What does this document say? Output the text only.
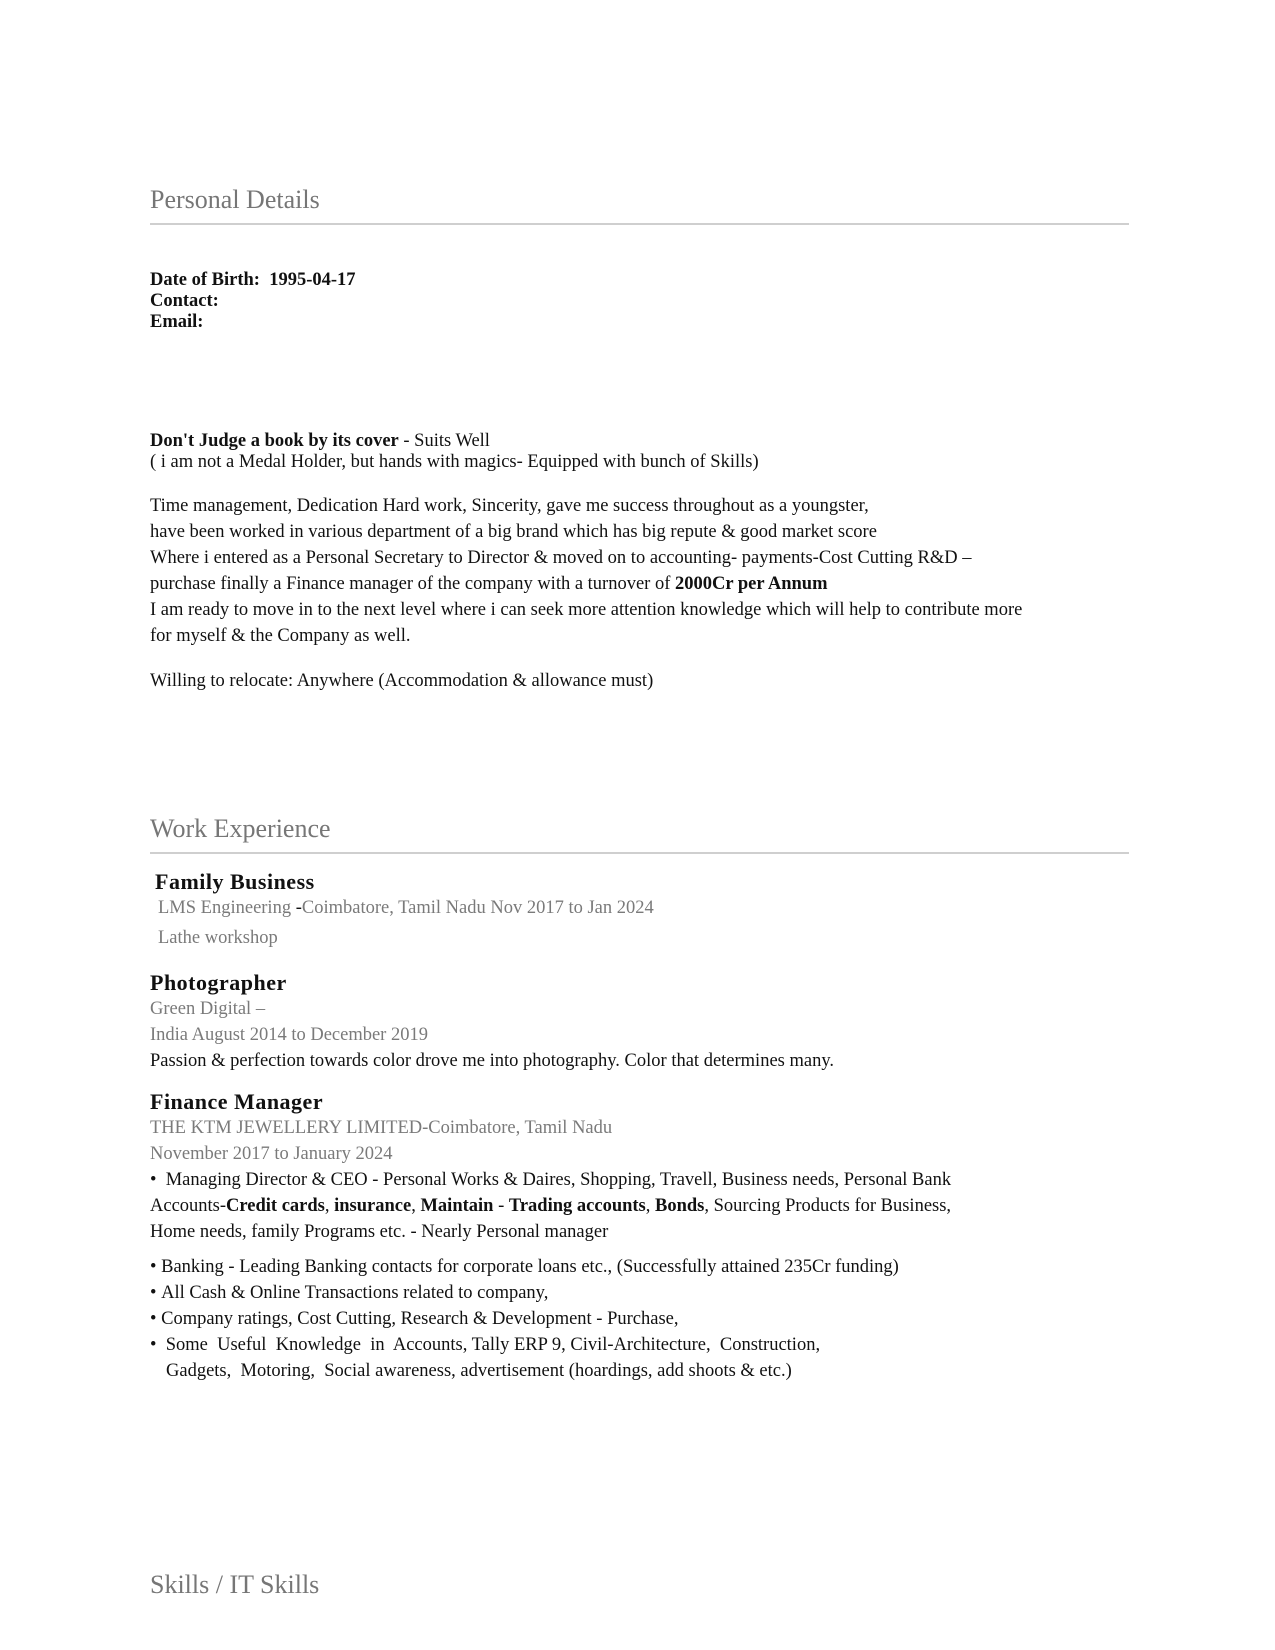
Personal Details
Date of Birth: 1995-04-17
Contact:
Email:
Don't Judge a book by its cover - Suits Well
( i am not a Medal Holder, but hands with magics- Equipped with bunch of Skills)
Time management, Dedication Hard work, Sincerity, gave me success throughout as a youngster,
have been worked in various department of a big brand which has big repute & good market score
Where i entered as a Personal Secretary to Director & moved on to accounting- payments-Cost Cutting R&D –
purchase finally a Finance manager of the company with a turnover of 2000Cr per Annum
I am ready to move in to the next level where i can seek more attention knowledge which will help to contribute more
for myself & the Company as well.
Willing to relocate: Anywhere (Accommodation & allowance must)
Work Experience
Family Business
LMS Engineering -Coimbatore, Tamil Nadu Nov 2017 to Jan 2024
Lathe workshop
Photographer
Green Digital –
India August 2014 to December 2019
Passion & perfection towards color drove me into photography. Color that determines many.
Finance Manager
THE KTM JEWELLERY LIMITED-Coimbatore, Tamil Nadu
November 2017 to January 2024
•  Managing Director & CEO - Personal Works & Daires, Shopping, Travell, Business needs, Personal Bank
Accounts-Credit cards, insurance, Maintain - Trading accounts, Bonds, Sourcing Products for Business,
Home needs, family Programs etc. - Nearly Personal manager
• Banking - Leading Banking contacts for corporate loans etc., (Successfully attained 235Cr funding)
• All Cash & Online Transactions related to company,
• Company ratings, Cost Cutting, Research & Development - Purchase,
•  Some  Useful  Knowledge  in  Accounts, Tally ERP 9, Civil-Architecture,  Construction,
Gadgets,  Motoring,  Social awareness, advertisement (hoardings, add shoots & etc.)
Skills / IT Skills
